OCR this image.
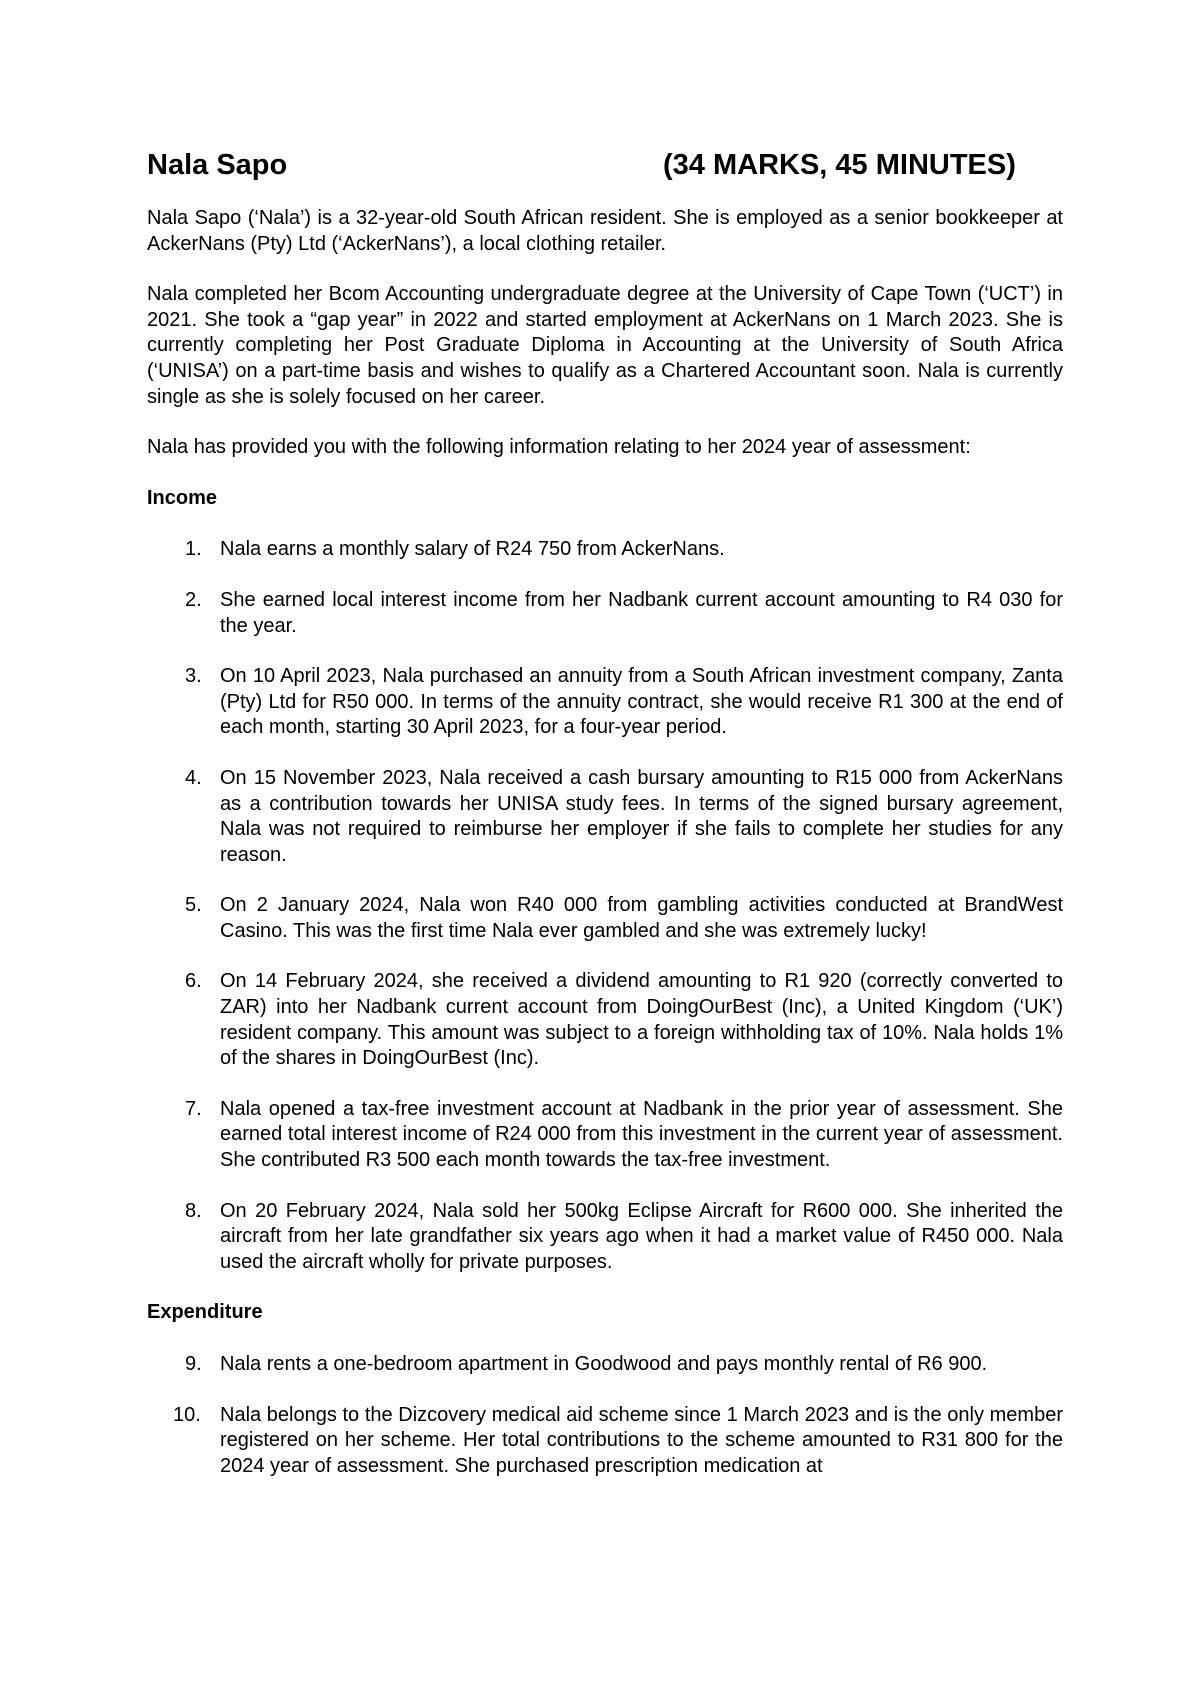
Nala Sapo	(34 MARKS, 45 MINUTES)

Nala Sapo (‘Nala’) is a 32-year-old South African resident. She is employed as a senior bookkeeper at AckerNans (Pty) Ltd (‘AckerNans’), a local clothing retailer.

Nala completed her Bcom Accounting undergraduate degree at the University of Cape Town (‘UCT’) in 2021. She took a “gap year” in 2022 and started employment at AckerNans on 1 March 2023. She is currently completing her Post Graduate Diploma in Accounting at the University of South Africa (‘UNISA’) on a part-time basis and wishes to qualify as a Chartered Accountant soon. Nala is currently single as she is solely focused on her career.

Nala has provided you with the following information relating to her 2024 year of assessment:

Income
1. Nala earns a monthly salary of R24 750 from AckerNans.

2. She earned local interest income from her Nadbank current account amounting to R4 030 for the year.

3. On 10 April 2023, Nala purchased an annuity from a South African investment company, Zanta (Pty) Ltd for R50 000. In terms of the annuity contract, she would receive R1 300 at the end of each month, starting 30 April 2023, for a four-year period.

4. On 15 November 2023, Nala received a cash bursary amounting to R15 000 from AckerNans as a contribution towards her UNISA study fees. In terms of the signed bursary agreement, Nala was not required to reimburse her employer if she fails to complete her studies for any reason.

5. On 2 January 2024, Nala won R40 000 from gambling activities conducted at BrandWest Casino. This was the first time Nala ever gambled and she was extremely lucky!

6. On 14 February 2024, she received a dividend amounting to R1 920 (correctly converted to ZAR) into her Nadbank current account from DoingOurBest (Inc), a United Kingdom (‘UK’) resident company. This amount was subject to a foreign withholding tax of 10%. Nala holds 1% of the shares in DoingOurBest (Inc).

7. Nala opened a tax-free investment account at Nadbank in the prior year of assessment. She earned total interest income of R24 000 from this investment in the current year of assessment. She contributed R3 500 each month towards the tax-free investment.

8. On 20 February 2024, Nala sold her 500kg Eclipse Aircraft for R600 000. She inherited the aircraft from her late grandfather six years ago when it had a market value of R450 000. Nala used the aircraft wholly for private purposes.

Expenditure
9. Nala rents a one-bedroom apartment in Goodwood and pays monthly rental of R6 900.

10. Nala belongs to the Dizcovery medical aid scheme since 1 March 2023 and is the only member registered on her scheme. Her total contributions to the scheme amounted to R31 800 for the 2024 year of assessment. She purchased prescription medication at
